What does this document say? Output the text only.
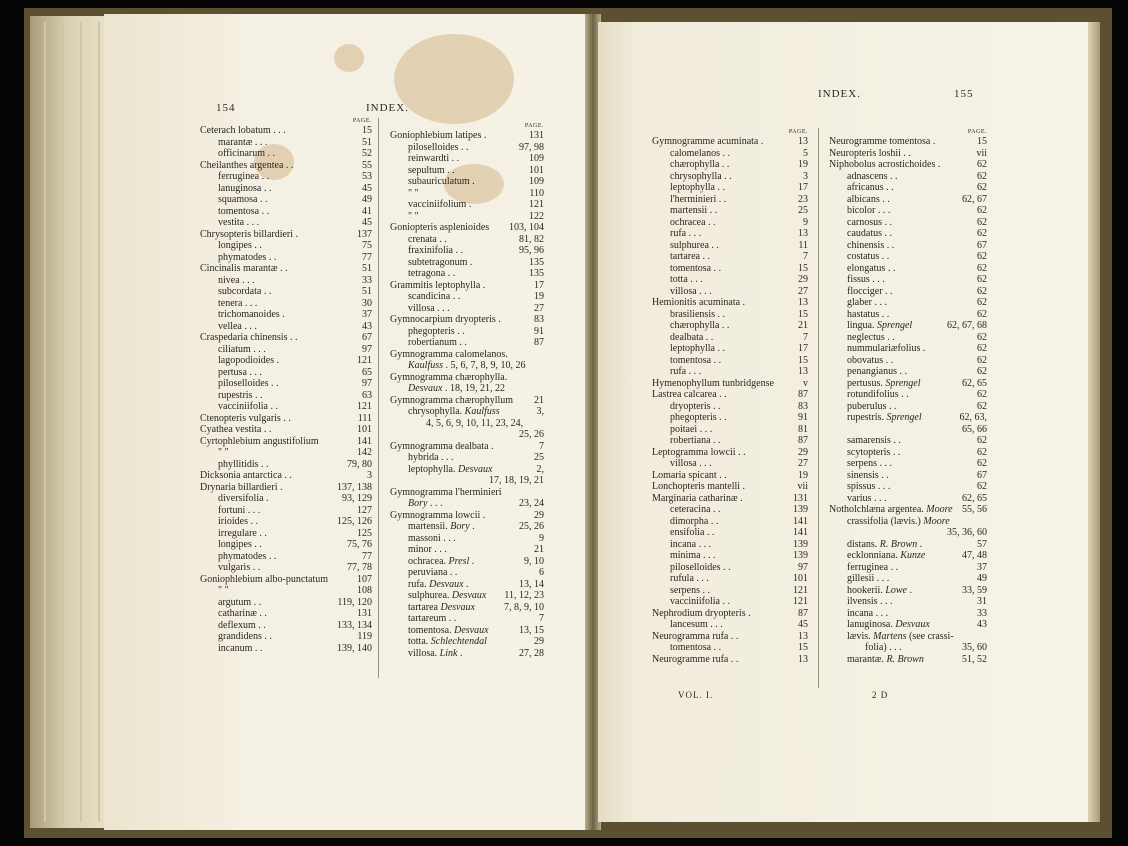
154	INDEX.
INDEX.	155
PAGE.
Ceterach lobatum . . .	15
marantæ . . .	51
officinarum . .	52
Cheilanthes argentea . .	55
ferruginea . .	53
lanuginosa . .	45
squamosa . .	49
tomentosa . .	41
vestita . . .	45
Chrysopteris billardieri .	137
longipes . .	75
phymatodes . .	77
Cincinalis marantæ . .	51
nivea . . .	33
subcordata . .	51
tenera . . .	30
trichomanoides .	37
vellea . . .	43
Craspedaria chinensis . .	67
ciliatum . . .	97
lagopodioides .	121
pertusa . . .	65
piloselloides . .	97
rupestris . .	63
vacciniifolia . .	121
Ctenopteris vulgaris . .	111
Cyathea vestita . .	101
Cyrtophlebium angustifolium	141
" "	142
phyllitidis . .	79, 80
Dicksonia antarctica . .	3
Drynaria billardieri .	137, 138
diversifolia .	93, 129
fortuni . . .	127
irioides . .	125, 126
irregulare . .	125
longipes . .	75, 76
phymatodes . .	77
vulgaris . .	77, 78
Goniophlebium albo-punctatum	107
" "	108
argutum . .	119, 120
catharinæ . .	131
deflexum . .	133, 134
grandidens . .	119
incanum . .	139, 140
PAGE.
Goniophlebium latipes .	131
piloselloides . .	97, 98
reinwardti . .	109
sepultum . .	101
subauriculatum .	109
" "	110
vacciniifolium .	121
" "	122
Goniopteris asplenioides 103, 104
crenata . .	81, 82
fraxinifolia . .	95, 96
subtetragonum .	135
tetragona . .	135
Grammitis leptophylla .	17
scandicina . .	19
villosa . . .	27
Gymnocarpium dryopteris .	83
phegopteris . .	91
robertianum . .	87
Gymnogramma calomelanos.
Kaulfuss . 5, 6, 7, 8, 9, 10, 26
Gymnogramma chærophylla.
Desvaux . 18, 19, 21, 22
Gymnogramma chærophyllum 21
chrysophylla. Kaulfuss	3,
4, 5, 6, 9, 10, 11, 23, 24,
25, 26
Gymnogramma dealbata .	7
hybrida . . .	25
leptophylla. Desvaux	2,
17, 18, 19, 21
Gymnogramma l'herminieri
Bory . . .	23, 24
Gymnogramma lowcii .	29
martensii. Bory .	25, 26
massoni . . .	9
minor . . .	21
ochracea. Presl .	9, 10
peruviana . .	6
rufa. Desvaux .	13, 14
sulphurea. Desvaux 11, 12, 23
tartarea Desvaux	7, 8, 9, 10
tartareum . .	7
tomentosa. Desvaux	13, 15
totta. Schlechtendal	29
villosa. Link .	27, 28
PAGE.
Gymnogramme acuminata .	13
calomelanos . .	5
chærophylla . .	19
chrysophylla . .	3
leptophylla . .	17
l'herminieri . .	23
martensii . .	25
ochracea . .	9
rufa . . .	13
sulphurea . .	11
tartarea . .	7
tomentosa . .	15
totta . . .	29
villosa . . .	27
Hemionitis acuminata .	13
brasiliensis . .	15
chærophylla . .	21
dealbata . .	7
leptophylla . .	17
tomentosa . .	15
rufa . . .	13
Hymenophyllum tunbridgense	v
Lastrea calcarea . .	87
dryopteris . .	83
phegopteris . .	91
poitaei . . .	81
robertiana . .	87
Leptogramma lowcii . .	29
villosa . . .	27
Lomaria spicant . .	19
Lonchopteris mantelli .	vii
Marginaria catharinæ .	131
ceteracina . .	139
dimorpha . .	141
ensifolia . .	141
incana . . .	139
minima . . .	139
piloselloides . .	97
rufula . . .	101
serpens . .	121
vacciniifolia . .	121
Nephrodium dryopteris .	87
lancesum . . .	45
Neurogramma rufa . .	13
tomentosa . .	15
Neurogramme rufa . .	13
PAGE.
Neurogramme tomentosa .	15
Neuropteris loshii . .	vii
Niphobolus acrostichoides .	62
adnascens . .	62
africanus . .	62
albicans . .	62, 67
bicolor . . .	62
carnosus . .	62
caudatus . .	62
chinensis . .	67
costatus . .	62
elongatus . .	62
fissus . . .	62
flocciger . .	62
glaber . . .	62
hastatus . .	62
lingua. Sprengel	62, 67, 68
neglectus . .	62
nummulariæfolius .	62
obovatus . .	62
penangianus . .	62
pertusus. Sprengel	62, 65
rotundifolius . .	62
puberulus . .	62
rupestris. Sprengel	62, 63,
65, 66
samarensis . .	62
scytopteris . .	62
serpens . . .	62
sinensis . .	67
spissus . . .	62
varius . . .	62, 65
Notholchlæna argentea. Moore 55, 56
crassifolia (lævis.) Moore
35, 36, 60
distans. R. Brown .	57
ecklonniana. Kunze	47, 48
ferruginea . .	37
gillesii . . .	49
hookerii. Lowe .	33, 59
ilvensis . . .	31
incana . . .	33
lanuginosa. Desvaux	43
lævis. Martens (see crassi-
folia) . . .	35, 60
marantæ. R. Brown	51, 52
VOL. I.	2 D
